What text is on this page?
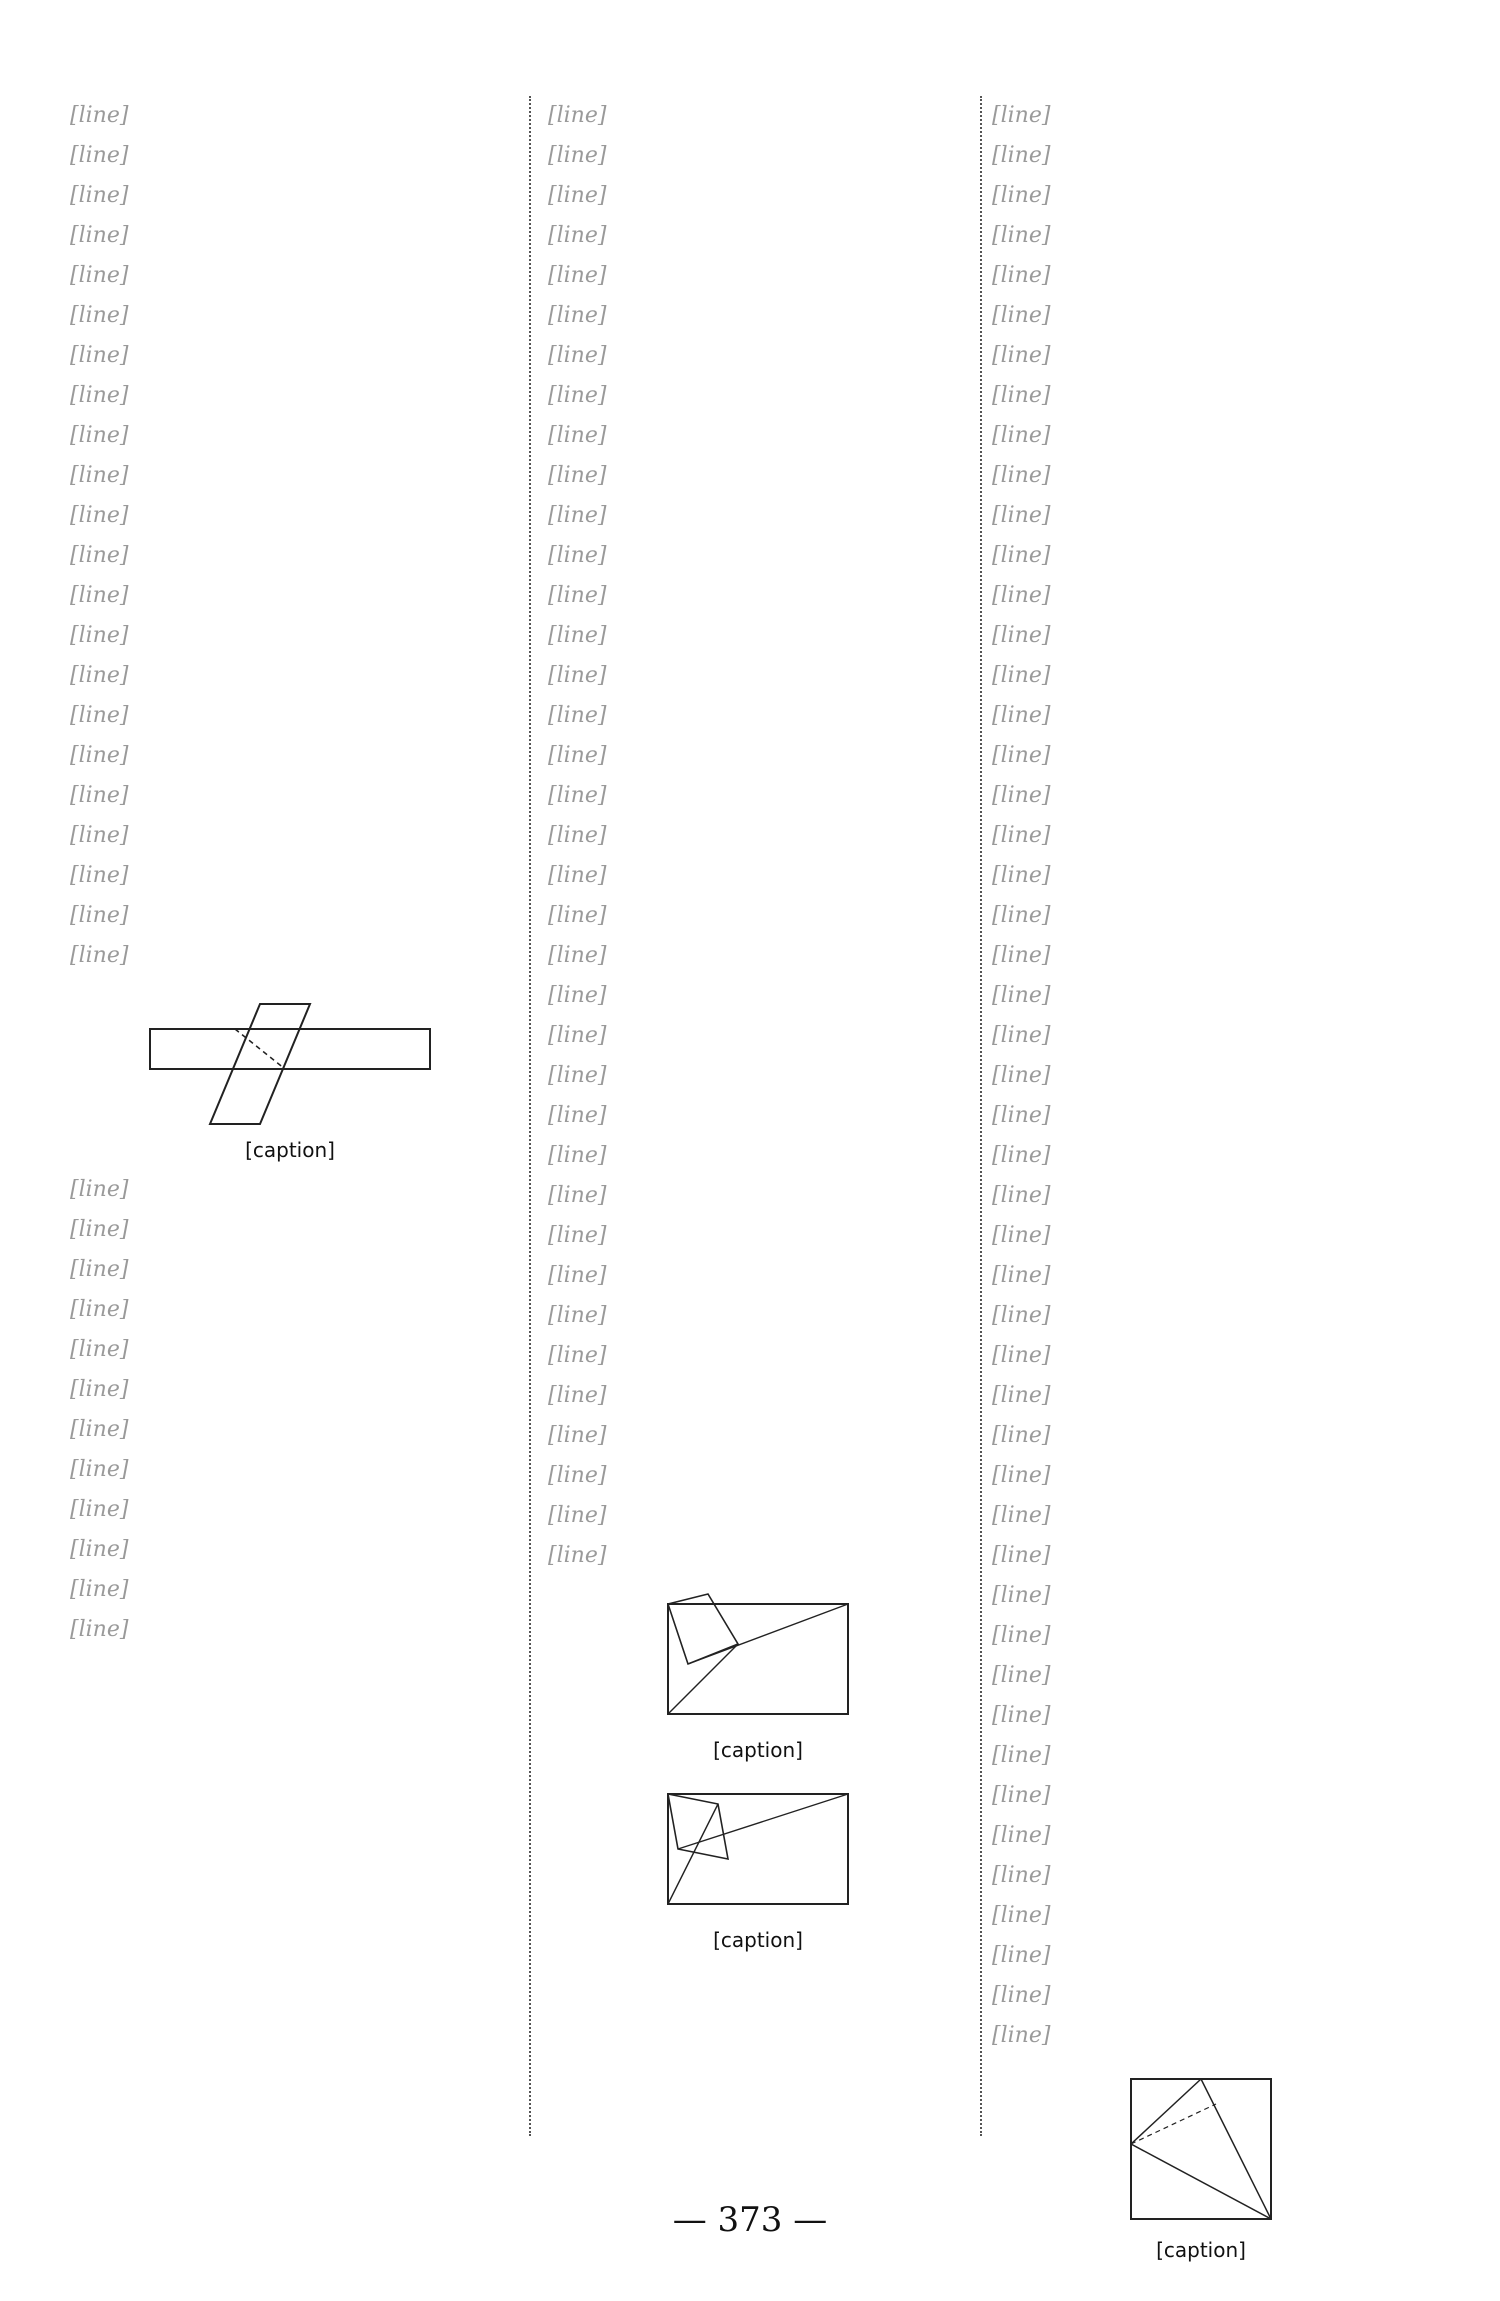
[line]
[line]
[line]
[line]
[line]
[line]
[line]
[line]
[line]
[line]
[line]
[line]
[line]
[line]
[line]
[line]
[line]
[line]
[line]
[line]
[line]
[line]
[caption]
[line]
[line]
[line]
[line]
[line]
[line]
[line]
[line]
[line]
[line]
[line]
[line]
[line]
[line]
[line]
[line]
[line]
[line]
[line]
[line]
[line]
[line]
[line]
[line]
[line]
[line]
[line]
[line]
[line]
[line]
[line]
[line]
[line]
[line]
[line]
[line]
[line]
[line]
[line]
[line]
[line]
[line]
[line]
[line]
[line]
[line]
[line]
[line]
[line]
[caption]
[caption]
[line]
[line]
[line]
[line]
[line]
[line]
[line]
[line]
[line]
[line]
[line]
[line]
[line]
[line]
[line]
[line]
[line]
[line]
[line]
[line]
[line]
[line]
[line]
[line]
[line]
[line]
[line]
[line]
[line]
[line]
[line]
[line]
[line]
[line]
[line]
[line]
[line]
[line]
[line]
[line]
[line]
[line]
[line]
[line]
[line]
[line]
[line]
[line]
[line]
[caption]
— 373 —
